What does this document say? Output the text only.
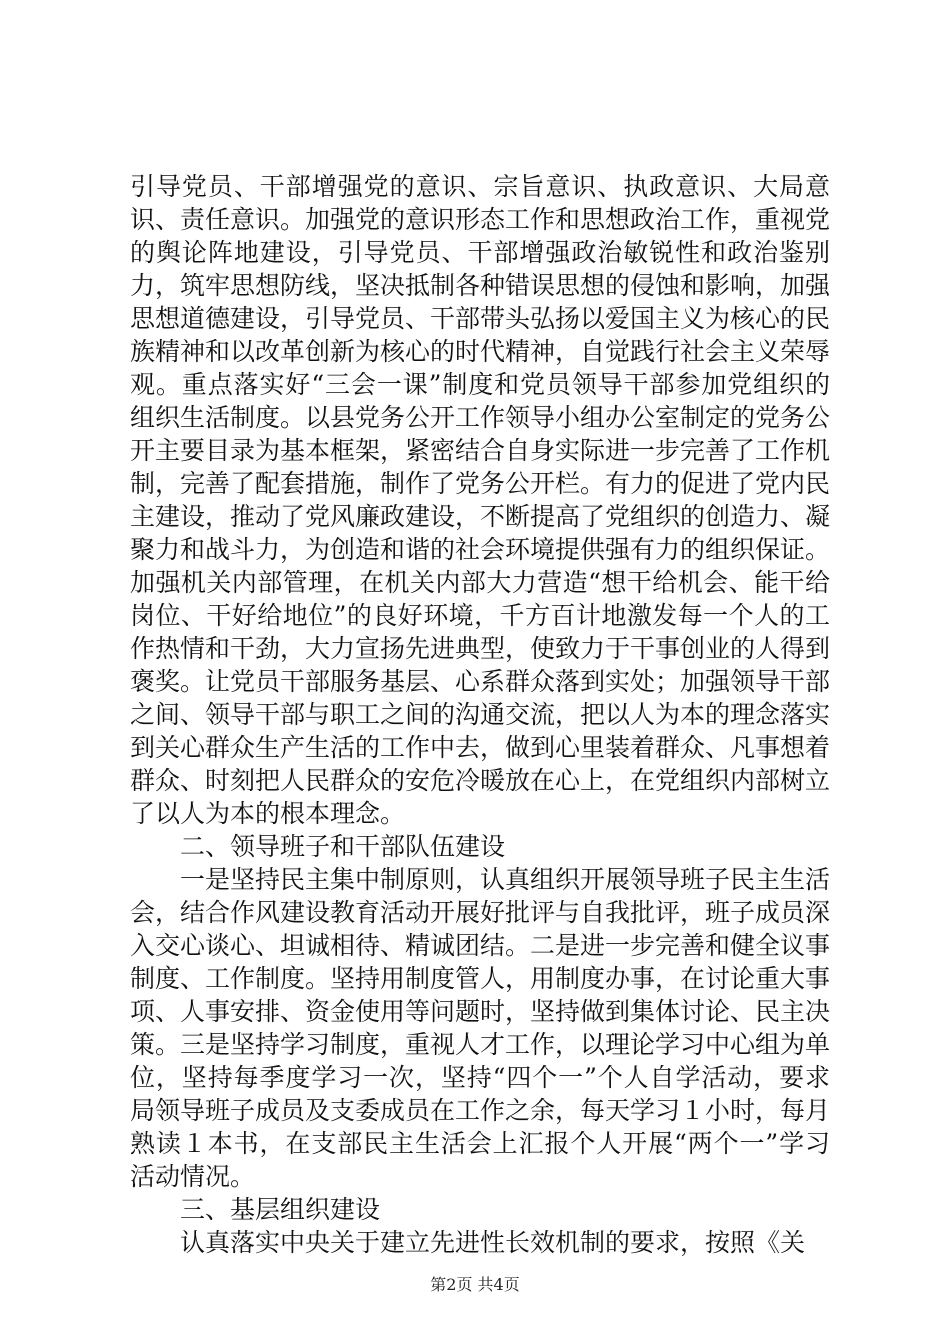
引导党员、干部增强党的意识、宗旨意识、执政意识、大局意识、责任意识。加强党的意识形态工作和思想政治工作，重视党的舆论阵地建设，引导党员、干部增强政治敏锐性和政治鉴别力，筑牢思想防线，坚决抵制各种错误思想的侵蚀和影响，加强思想道德建设，引导党员、干部带头弘扬以爱国主义为核心的民族精神和以改革创新为核心的时代精神，自觉践行社会主义荣辱观。重点落实好“三会一课”制度和党员领导干部参加党组织的组织生活制度。以县党务公开工作领导小组办公室制定的党务公开主要目录为基本框架，紧密结合自身实际进一步完善了工作机制，完善了配套措施，制作了党务公开栏。有力的促进了党内民主建设，推动了党风廉政建设，不断提高了党组织的创造力、凝聚力和战斗力，为创造和谐的社会环境提供强有力的组织保证。加强机关内部管理，在机关内部大力营造“想干给机会、能干给岗位、干好给地位”的良好环境，千方百计地激发每一个人的工作热情和干劲，大力宣扬先进典型，使致力于干事创业的人得到褒奖。让党员干部服务基层、心系群众落到实处；加强领导干部之间、领导干部与职工之间的沟通交流，把以人为本的理念落实到关心群众生产生活的工作中去，做到心里装着群众、凡事想着群众、时刻把人民群众的安危冷暖放在心上，在党组织内部树立了以人为本的根本理念。

二、领导班子和干部队伍建设

一是坚持民主集中制原则，认真组织开展领导班子民主生活会，结合作风建设教育活动开展好批评与自我批评，班子成员深入交心谈心、坦诚相待、精诚团结。二是进一步完善和健全议事制度、工作制度。坚持用制度管人，用制度办事，在讨论重大事项、人事安排、资金使用等问题时，坚持做到集体讨论、民主决策。三是坚持学习制度，重视人才工作，以理论学习中心组为单位，坚持每季度学习一次，坚持“四个一”个人自学活动，要求局领导班子成员及支委成员在工作之余，每天学习１小时，每月熟读１本书，在支部民主生活会上汇报个人开展“两个一”学习活动情况。

三、基层组织建设

认真落实中央关于建立先进性长效机制的要求，按照《关

第2页 共4页
